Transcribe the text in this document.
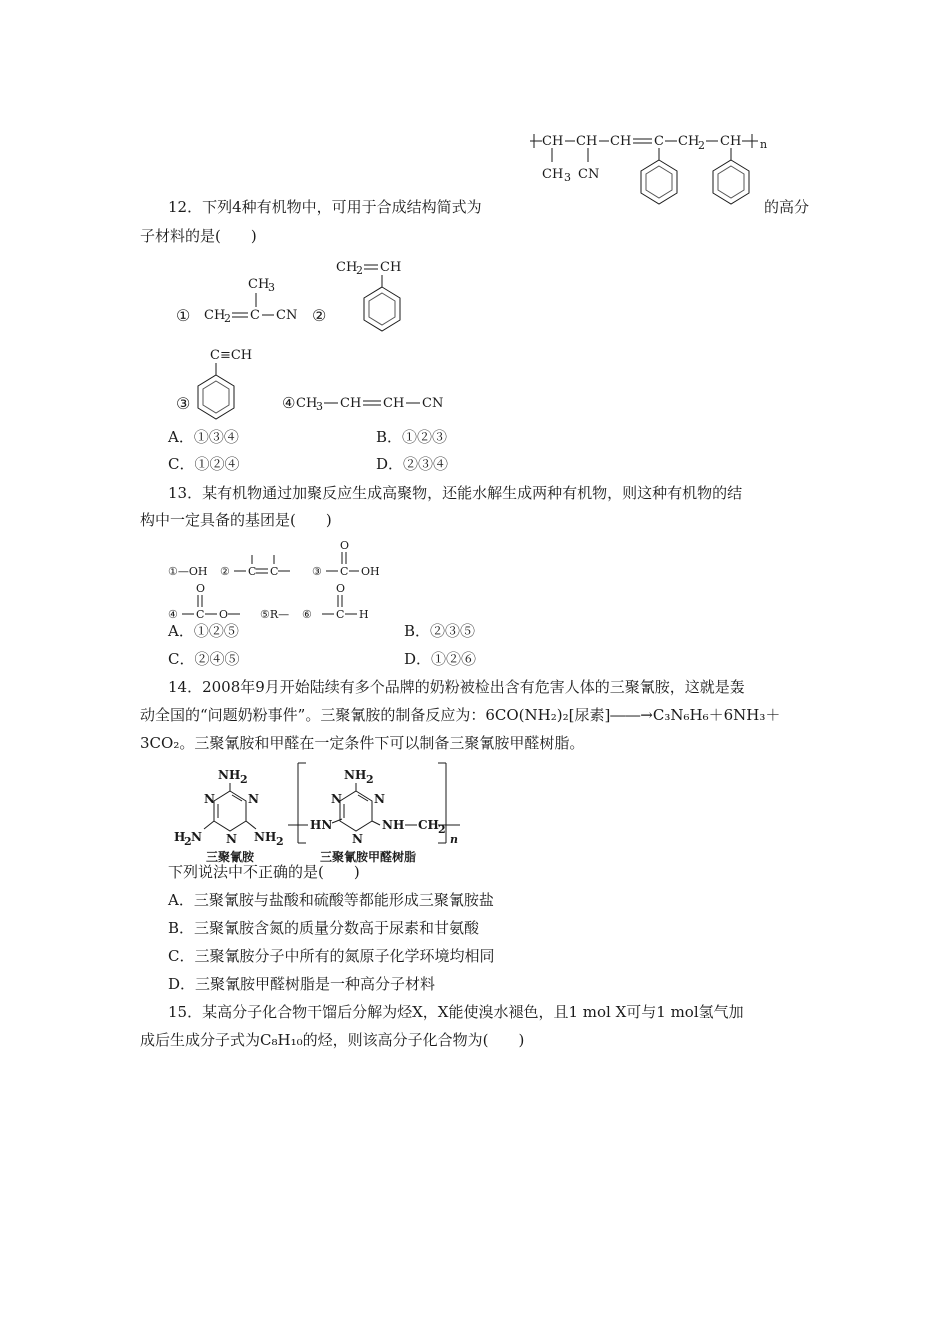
12．下列4种有机物中，可用于合成结构简式为	的高分
子材料的是(　　)
n
CH CH CH C CH
2 CH
CH 3 CN
①
CH
3
CH
2 C CN ②
CH
2 CH
③
C≡CH
④ CH
3 CH CH CN
A．①③④	B．①②③
C．①②④	D．②③④
13．某有机物通过加聚反应生成高聚物，还能水解生成两种有机物，则这种有机物的结
构中一定具备的基团是(　　)
①—OH ② C C	③
O
C OH
④
O
C O	⑤R— ⑥
O
C H
A．①②⑤	B．②③⑤
C．②④⑤	D．①②⑥
14．2008年9月开始陆续有多个品牌的奶粉被检出含有危害人体的三聚氰胺，这就是轰
动全国的“问题奶粉事件”。三聚氰胺的制备反应为：6CO(NH₂)₂[尿素]――→C₃N₆H₆＋6NH₃＋
3CO₂。三聚氰胺和甲醛在一定条件下可以制备三聚氰胺甲醛树脂。
NH 2
N	N
N
H
2 N	NH 2
三聚氰胺
HN
NH 2
N	N
N
NH CH 2
n
三聚氰胺甲醛树脂
下列说法中不正确的是(　　)
A．三聚氰胺与盐酸和硫酸等都能形成三聚氰胺盐
B．三聚氰胺含氮的质量分数高于尿素和甘氨酸
C．三聚氰胺分子中所有的氮原子化学环境均相同
D．三聚氰胺甲醛树脂是一种高分子材料
15．某高分子化合物干馏后分解为烃X，X能使溴水褪色，且1 mol X可与1 mol氢气加
成后生成分子式为C₈H₁₀的烃，则该高分子化合物为(　　)
